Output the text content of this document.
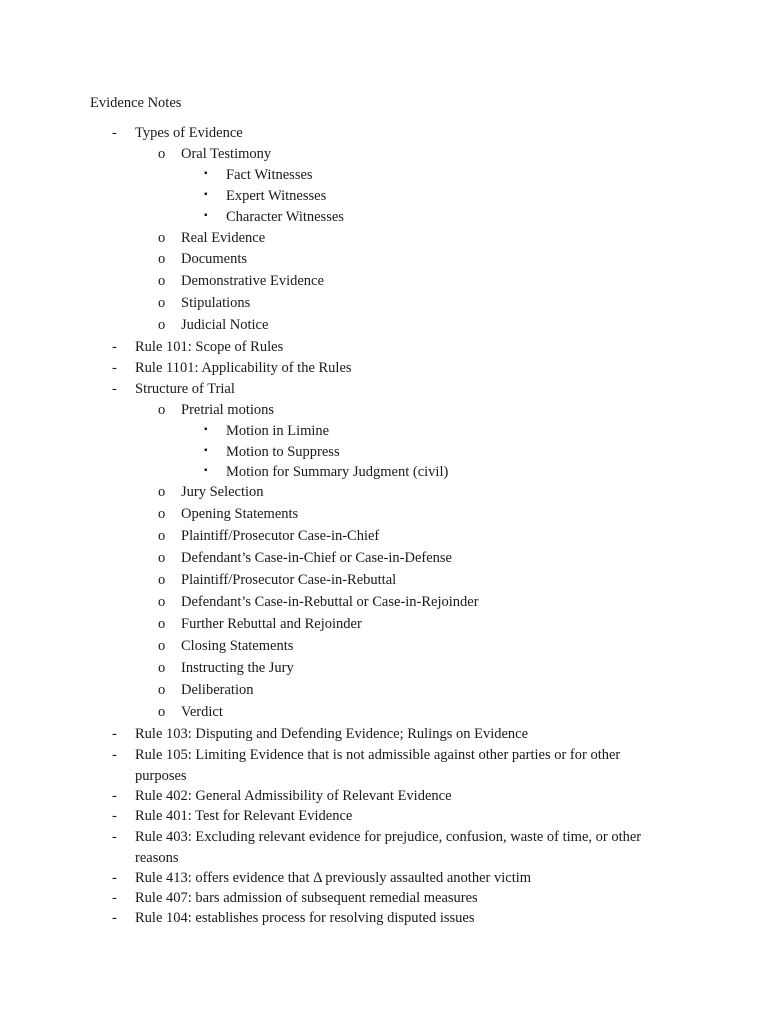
Evidence Notes
- Types of Evidence
o Oral Testimony
▪ Fact Witnesses
▪ Expert Witnesses
▪ Character Witnesses
o Real Evidence
o Documents
o Demonstrative Evidence
o Stipulations
o Judicial Notice
- Rule 101: Scope of Rules
- Rule 1101: Applicability of the Rules
- Structure of Trial
o Pretrial motions
▪ Motion in Limine
▪ Motion to Suppress
▪ Motion for Summary Judgment (civil)
o Jury Selection
o Opening Statements
o Plaintiff/Prosecutor Case-in-Chief
o Defendant’s Case-in-Chief or Case-in-Defense
o Plaintiff/Prosecutor Case-in-Rebuttal
o Defendant’s Case-in-Rebuttal or Case-in-Rejoinder
o Further Rebuttal and Rejoinder
o Closing Statements
o Instructing the Jury
o Deliberation
o Verdict
- Rule 103: Disputing and Defending Evidence; Rulings on Evidence
- Rule 105: Limiting Evidence that is not admissible against other parties or for other purposes
- Rule 402: General Admissibility of Relevant Evidence
- Rule 401: Test for Relevant Evidence
- Rule 403: Excluding relevant evidence for prejudice, confusion, waste of time, or other reasons
- Rule 413: offers evidence that Δ previously assaulted another victim
- Rule 407: bars admission of subsequent remedial measures
- Rule 104: establishes process for resolving disputed issues
